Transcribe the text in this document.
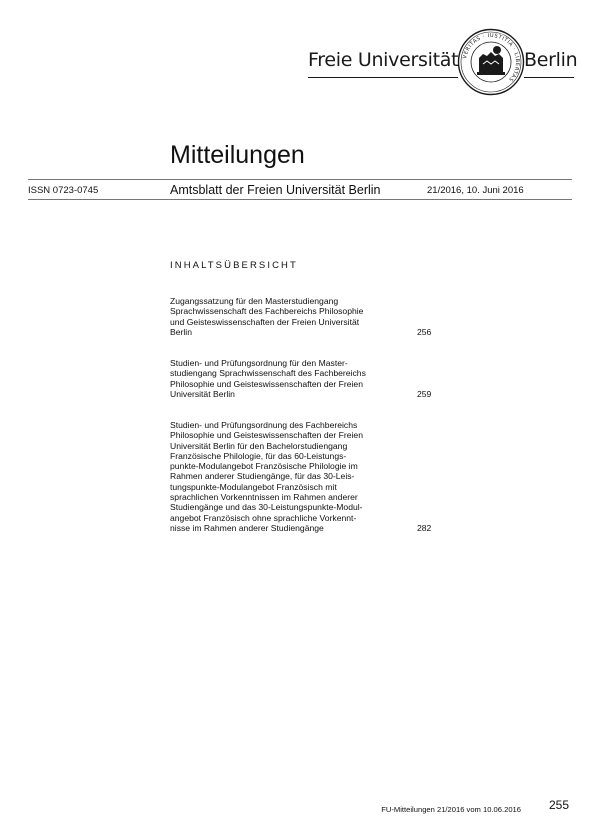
Freie Universität VERITAS · IUSTITIA · LIBERTAS
Berlin
Mitteilungen
ISSN 0723-0745	Amtsblatt der Freien Universität Berlin	21/2016, 10. Juni 2016
INHALTSÜBERSICHT
Zugangssatzung für den Masterstudiengang
Sprachwissenschaft des Fachbereichs Philosophie
und Geisteswissenschaften der Freien Universität
Berlin	256
Studien- und Prüfungsordnung für den Master-
studiengang Sprachwissenschaft des Fachbereichs
Philosophie und Geisteswissenschaften der Freien
Universität Berlin	259
Studien- und Prüfungsordnung des Fachbereichs
Philosophie und Geisteswissenschaften der Freien
Universität Berlin für den Bachelorstudiengang
Französische Philologie, für das 60-Leistungs-
punkte-Modulangebot Französische Philologie im
Rahmen anderer Studiengänge, für das 30-Leis-
tungspunkte-Modulangebot Französisch mit
sprachlichen Vorkenntnissen im Rahmen anderer
Studiengänge und das 30-Leistungspunkte-Modul-
angebot Französisch ohne sprachliche Vorkennt-
nisse im Rahmen anderer Studiengänge	282
FU-Mitteilungen 21/2016 vom 10.06.2016 255
